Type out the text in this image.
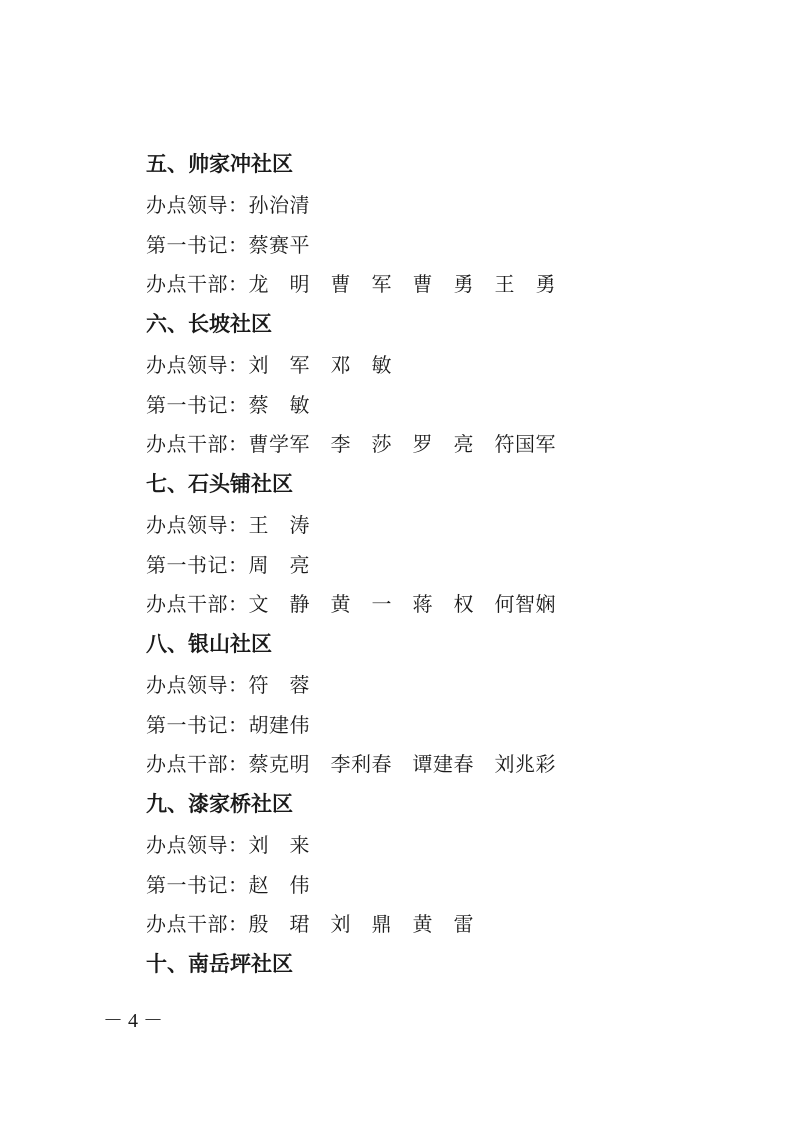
五、帅家冲社区
办点领导：孙治清
第一书记：蔡赛平
办点干部：龙　明　曹　军　曹　勇　王　勇
六、长坡社区
办点领导：刘　军　邓　敏
第一书记：蔡　敏
办点干部：曹学军　李　莎　罗　亮　符国军
七、石头铺社区
办点领导：王　涛
第一书记：周　亮
办点干部：文　静　黄　一　蒋　权　何智娴
八、银山社区
办点领导：符　蓉
第一书记：胡建伟
办点干部：蔡克明　李利春　谭建春　刘兆彩
九、漆家桥社区
办点领导：刘　来
第一书记：赵　伟
办点干部：殷　珺　刘　鼎　黄　雷
十、南岳坪社区
－ 4 －
